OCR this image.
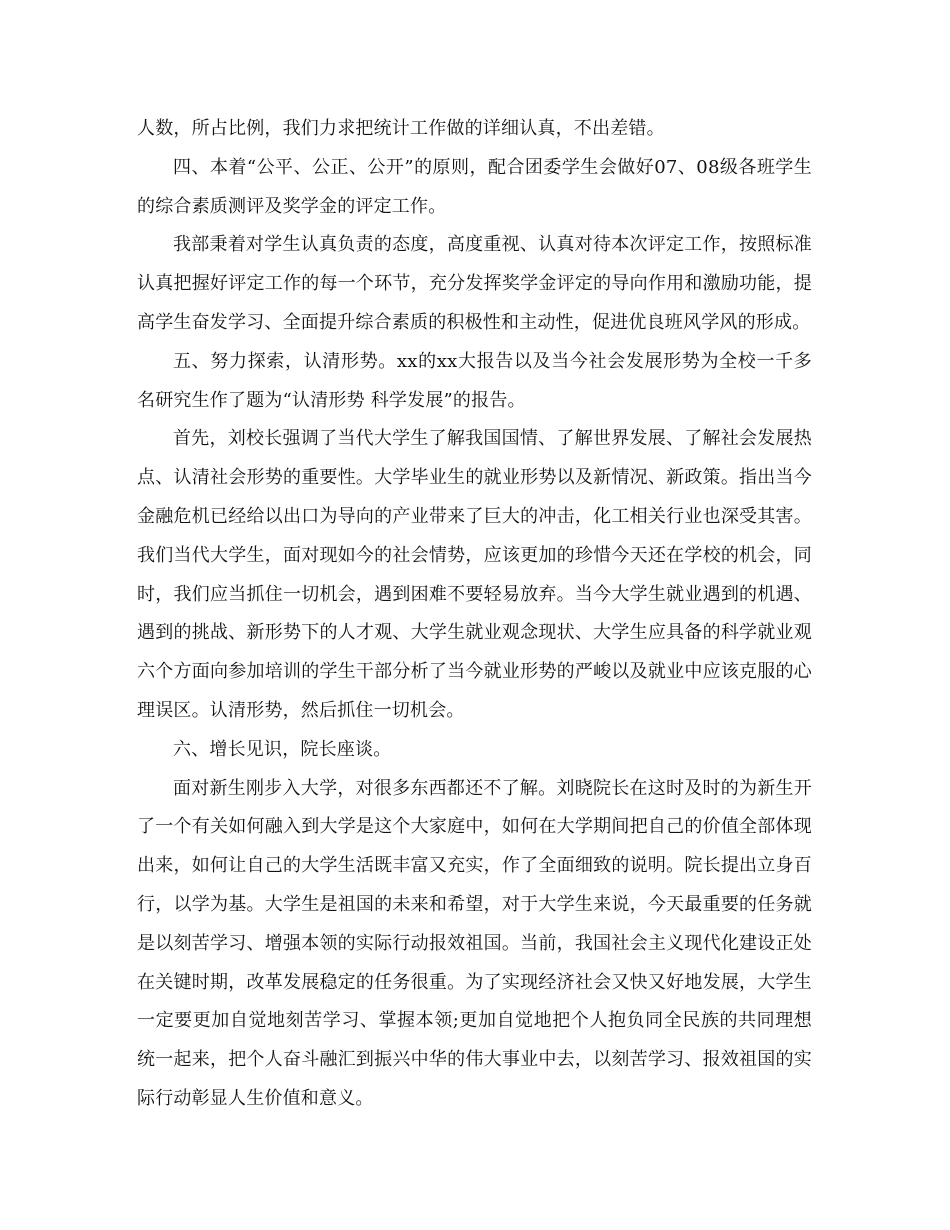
人数，所占比例，我们力求把统计工作做的详细认真，不出差错。

四、本着“公平、公正、公开”的原则，配合团委学生会做好07、08级各班学生的综合素质测评及奖学金的评定工作。

我部秉着对学生认真负责的态度，高度重视、认真对待本次评定工作，按照标准认真把握好评定工作的每一个环节，充分发挥奖学金评定的导向作用和激励功能，提高学生奋发学习、全面提升综合素质的积极性和主动性，促进优良班风学风的形成。

五、努力探索，认清形势。xx的xx大报告以及当今社会发展形势为全校一千多名研究生作了题为“认清形势 科学发展”的报告。

首先，刘校长强调了当代大学生了解我国国情、了解世界发展、了解社会发展热点、认清社会形势的重要性。大学毕业生的就业形势以及新情况、新政策。指出当今金融危机已经给以出口为导向的产业带来了巨大的冲击，化工相关行业也深受其害。我们当代大学生，面对现如今的社会情势，应该更加的珍惜今天还在学校的机会，同时，我们应当抓住一切机会，遇到困难不要轻易放弃。当今大学生就业遇到的机遇、遇到的挑战、新形势下的人才观、大学生就业观念现状、大学生应具备的科学就业观六个方面向参加培训的学生干部分析了当今就业形势的严峻以及就业中应该克服的心理误区。认清形势，然后抓住一切机会。

六、增长见识，院长座谈。

面对新生刚步入大学，对很多东西都还不了解。刘晓院长在这时及时的为新生开了一个有关如何融入到大学是这个大家庭中，如何在大学期间把自己的价值全部体现出来，如何让自己的大学生活既丰富又充实，作了全面细致的说明。院长提出立身百行，以学为基。大学生是祖国的未来和希望，对于大学生来说，今天最重要的任务就是以刻苦学习、增强本领的实际行动报效祖国。当前，我国社会主义现代化建设正处在关键时期，改革发展稳定的任务很重。为了实现经济社会又快又好地发展，大学生一定要更加自觉地刻苦学习、掌握本领;更加自觉地把个人抱负同全民族的共同理想统一起来，把个人奋斗融汇到振兴中华的伟大事业中去，以刻苦学习、报效祖国的实际行动彰显人生价值和意义。
